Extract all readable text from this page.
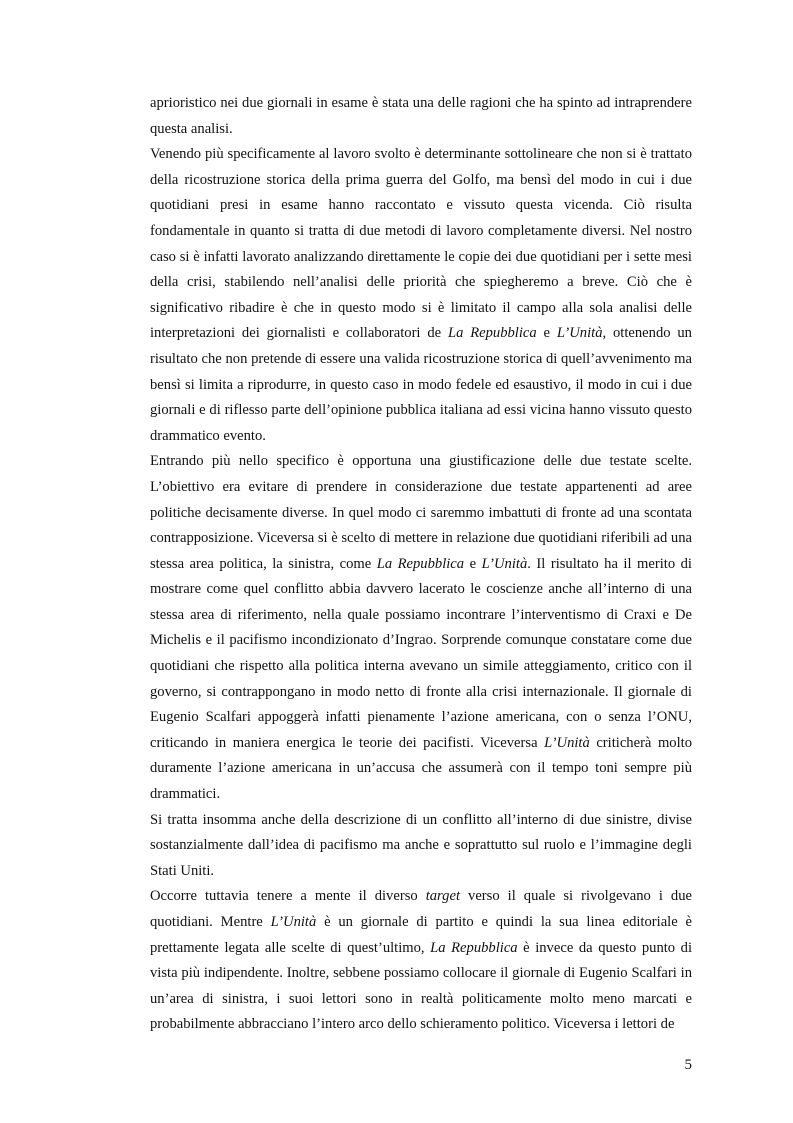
aprioristico nei due giornali in esame è stata una delle ragioni che ha spinto ad intraprendere questa analisi.

Venendo più specificamente al lavoro svolto è determinante sottolineare che non si è trattato della ricostruzione storica della prima guerra del Golfo, ma bensì del modo in cui i due quotidiani presi in esame hanno raccontato e vissuto questa vicenda. Ciò risulta fondamentale in quanto si tratta di due metodi di lavoro completamente diversi. Nel nostro caso si è infatti lavorato analizzando direttamente le copie dei due quotidiani per i sette mesi della crisi, stabilendo nell’analisi delle priorità che spiegheremo a breve. Ciò che è significativo ribadire è che in questo modo si è limitato il campo alla sola analisi delle interpretazioni dei giornalisti e collaboratori de La Repubblica e L’Unità, ottenendo un risultato che non pretende di essere una valida ricostruzione storica di quell’avvenimento ma bensì si limita a riprodurre, in questo caso in modo fedele ed esaustivo, il modo in cui i due giornali e di riflesso parte dell’opinione pubblica italiana ad essi vicina hanno vissuto questo drammatico evento.

Entrando più nello specifico è opportuna una giustificazione delle due testate scelte. L’obiettivo era evitare di prendere in considerazione due testate appartenenti ad aree politiche decisamente diverse. In quel modo ci saremmo imbattuti di fronte ad una scontata contrapposizione. Viceversa si è scelto di mettere in relazione due quotidiani riferibili ad una stessa area politica, la sinistra, come La Repubblica e L’Unità. Il risultato ha il merito di mostrare come quel conflitto abbia davvero lacerato le coscienze anche all’interno di una stessa area di riferimento, nella quale possiamo incontrare l’interventismo di Craxi e De Michelis e il pacifismo incondizionato d’Ingrao. Sorprende comunque constatare come due quotidiani che rispetto alla politica interna avevano un simile atteggiamento, critico con il governo, si contrappongano in modo netto di fronte alla crisi internazionale. Il giornale di Eugenio Scalfari appoggerà infatti pienamente l’azione americana, con o senza l’ONU, criticando in maniera energica le teorie dei pacifisti. Viceversa L’Unità criticherà molto duramente l’azione americana in un’accusa che assumerà con il tempo toni sempre più drammatici.

Si tratta insomma anche della descrizione di un conflitto all’interno di due sinistre, divise sostanzialmente dall’idea di pacifismo ma anche e soprattutto sul ruolo e l’immagine degli Stati Uniti.

Occorre tuttavia tenere a mente il diverso target verso il quale si rivolgevano i due quotidiani. Mentre L’Unità è un giornale di partito e quindi la sua linea editoriale è prettamente legata alle scelte di quest’ultimo, La Repubblica è invece da questo punto di vista più indipendente. Inoltre, sebbene possiamo collocare il giornale di Eugenio Scalfari in un’area di sinistra, i suoi lettori sono in realtà politicamente molto meno marcati e probabilmente abbracciano l’intero arco dello schieramento politico. Viceversa i lettori de

5
